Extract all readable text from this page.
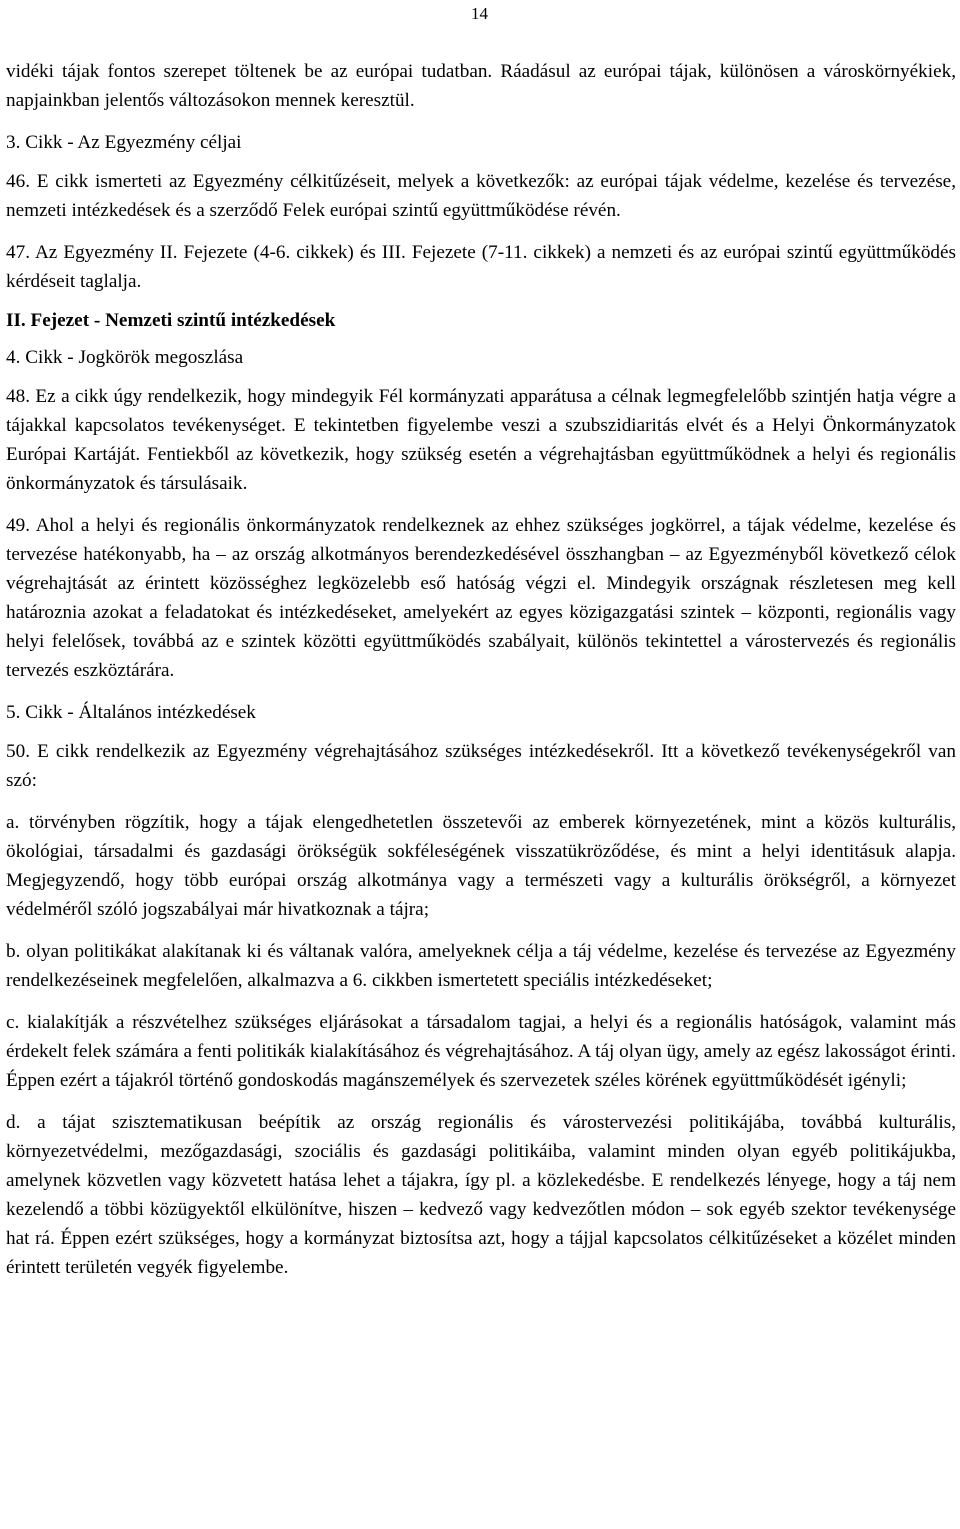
14

vidéki tájak fontos szerepet töltenek be az európai tudatban. Ráadásul az európai tájak, különösen a városkörnyékiek, napjainkban jelentős változásokon mennek keresztül.

3. Cikk - Az Egyezmény céljai

46. E cikk ismerteti az Egyezmény célkitűzéseit, melyek a következők: az európai tájak védelme, kezelése és tervezése, nemzeti intézkedések és a szerződő Felek európai szintű együttműködése révén.

47. Az Egyezmény II. Fejezete (4-6. cikkek) és III. Fejezete (7-11. cikkek) a nemzeti és az európai szintű együttműködés kérdéseit taglalja.

II. Fejezet - Nemzeti szintű intézkedések

4. Cikk - Jogkörök megoszlása

48. Ez a cikk úgy rendelkezik, hogy mindegyik Fél kormányzati apparátusa a célnak legmegfelelőbb szintjén hatja végre a tájakkal kapcsolatos tevékenységet. E tekintetben figyelembe veszi a szubszidiaritás elvét és a Helyi Önkormányzatok Európai Kartáját. Fentiekből az következik, hogy szükség esetén a végrehajtásban együttműködnek a helyi és regionális önkormányzatok és társulásaik.

49. Ahol a helyi és regionális önkormányzatok rendelkeznek az ehhez szükséges jogkörrel, a tájak védelme, kezelése és tervezése hatékonyabb, ha – az ország alkotmányos berendezkedésével összhangban – az Egyezményből következő célok végrehajtását az érintett közösséghez legközelebb eső hatóság végzi el. Mindegyik országnak részletesen meg kell határoznia azokat a feladatokat és intézkedéseket, amelyekért az egyes közigazgatási szintek – központi, regionális vagy helyi felelősek, továbbá az e szintek közötti együttműködés szabályait, különös tekintettel a várostervezés és regionális tervezés eszköztárára.

5. Cikk - Általános intézkedések

50. E cikk rendelkezik az Egyezmény végrehajtásához szükséges intézkedésekről. Itt a következő tevékenységekről van szó:

a. törvényben rögzítik, hogy a tájak elengedhetetlen összetevői az emberek környezetének, mint a közös kulturális, ökológiai, társadalmi és gazdasági örökségük sokféleségének visszatükröződése, és mint a helyi identitásuk alapja. Megjegyzendő, hogy több európai ország alkotmánya vagy a természeti vagy a kulturális örökségről, a környezet védelméről szóló jogszabályai már hivatkoznak a tájra;

b. olyan politikákat alakítanak ki és váltanak valóra, amelyeknek célja a táj védelme, kezelése és tervezése az Egyezmény rendelkezéseinek megfelelően, alkalmazva a 6. cikkben ismertetett speciális intézkedéseket;

c. kialakítják a részvételhez szükséges eljárásokat a társadalom tagjai, a helyi és a regionális hatóságok, valamint más érdekelt felek számára a fenti politikák kialakításához és végrehajtásához. A táj olyan ügy, amely az egész lakosságot érinti. Éppen ezért a tájakról történő gondoskodás magánszemélyek és szervezetek széles körének együttműködését igényli;

d. a tájat szisztematikusan beépítik az ország regionális és várostervezési politikájába, továbbá kulturális, környezetvédelmi, mezőgazdasági, szociális és gazdasági politikáiba, valamint minden olyan egyéb politikájukba, amelynek közvetlen vagy közvetett hatása lehet a tájakra, így pl. a közlekedésbe. E rendelkezés lényege, hogy a táj nem kezelendő a többi közügyektől elkülönítve, hiszen – kedvező vagy kedvezőtlen módon – sok egyéb szektor tevékenysége hat rá. Éppen ezért szükséges, hogy a kormányzat biztosítsa azt, hogy a tájjal kapcsolatos célkitűzéseket a közélet minden érintett területén vegyék figyelembe.
